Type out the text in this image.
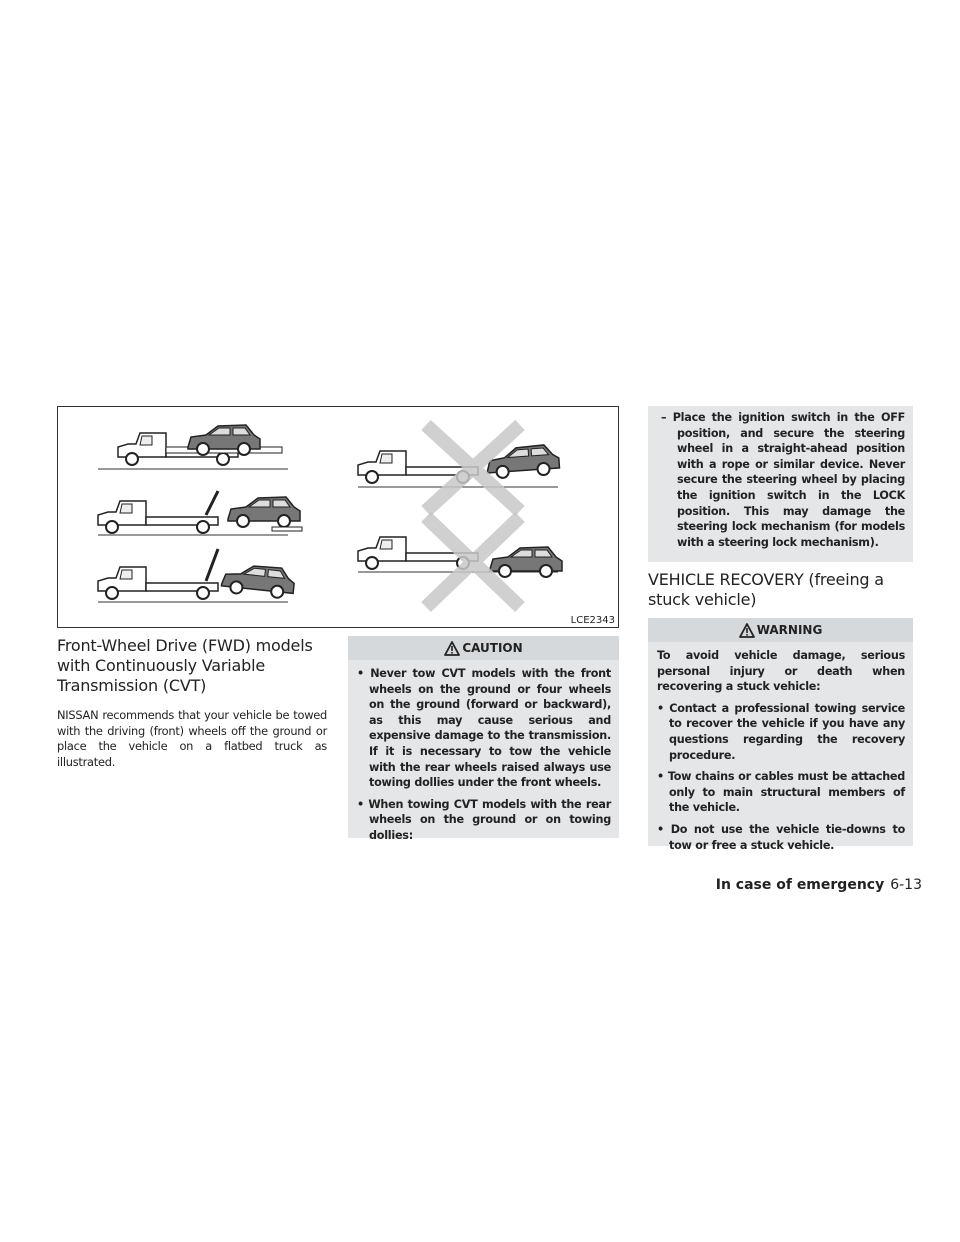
LCE2343
Front-Wheel Drive (FWD) models with Continuously Variable Transmission (CVT)

NISSAN recommends that your vehicle be towed with the driving (front) wheels off the ground or place the vehicle on a flatbed truck as illustrated.

CAUTION

• Never tow CVT models with the front wheels on the ground or four wheels on the ground (forward or backward), as this may cause serious and expensive damage to the transmission. If it is necessary to tow the vehicle with the rear wheels raised always use towing dollies under the front wheels.

• When towing CVT models with the rear wheels on the ground or on towing dollies:

– Place the ignition switch in the OFF position, and secure the steering wheel in a straight-ahead position with a rope or similar device. Never secure the steering wheel by placing the ignition switch in the LOCK position. This may damage the steering lock mechanism (for models with a steering lock mechanism).

VEHICLE RECOVERY (freeing a stuck vehicle)
WARNING

To avoid vehicle damage, serious personal injury or death when recovering a stuck vehicle:

• Contact a professional towing service to recover the vehicle if you have any questions regarding the recovery procedure.

• Tow chains or cables must be attached only to main structural members of the vehicle.

• Do not use the vehicle tie-downs to tow or free a stuck vehicle.

In case of emergency 6-13
